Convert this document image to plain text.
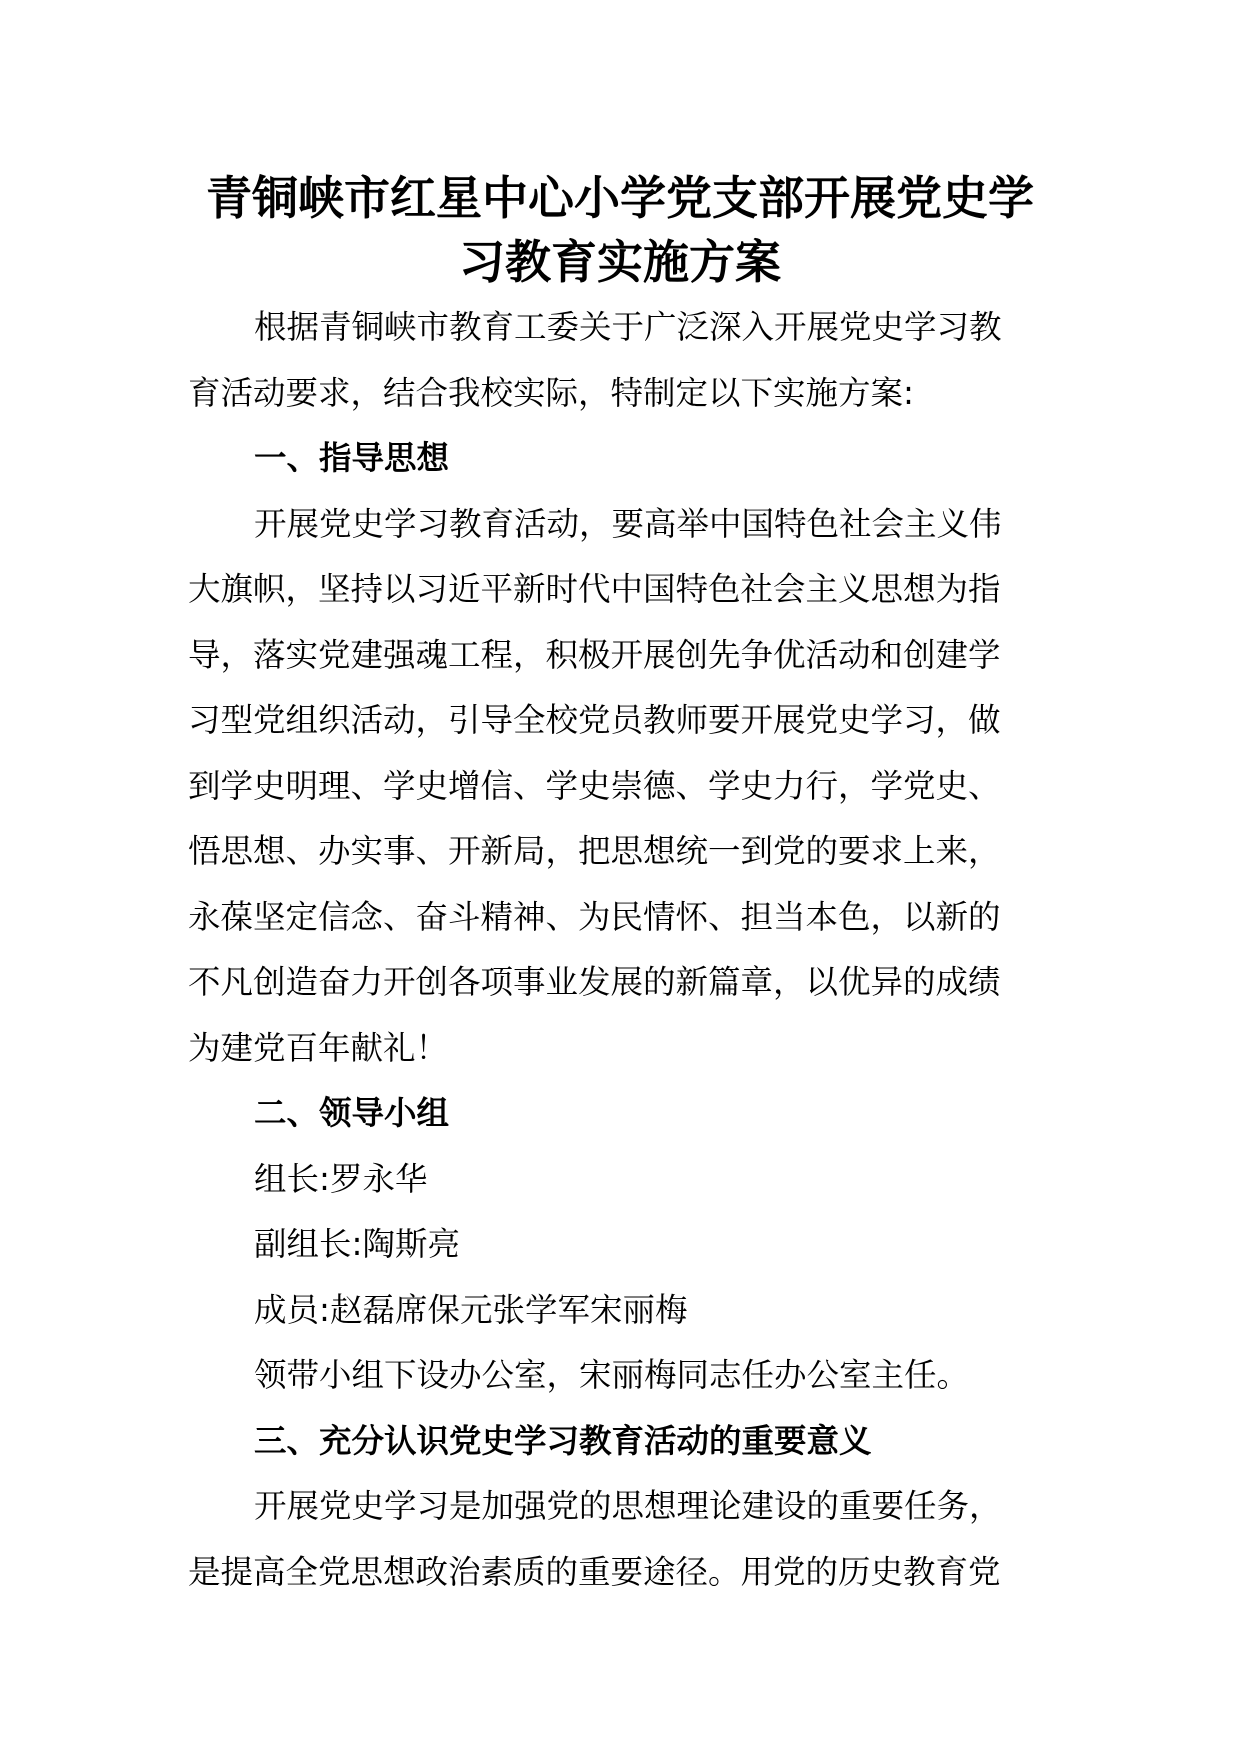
青铜峡市红星中心小学党支部开展党史学
习教育实施方案
根据青铜峡市教育工委关于广泛深入开展党史学习教
育活动要求，结合我校实际，特制定以下实施方案:
一、指导思想
开展党史学习教育活动，要高举中国特色社会主义伟
大旗帜，坚持以习近平新时代中国特色社会主义思想为指
导，落实党建强魂工程，积极开展创先争优活动和创建学
习型党组织活动，引导全校党员教师要开展党史学习，做
到学史明理、学史增信、学史崇德、学史力行，学党史、
悟思想、办实事、开新局，把思想统一到党的要求上来，
永葆坚定信念、奋斗精神、为民情怀、担当本色，以新的
不凡创造奋力开创各项事业发展的新篇章，以优异的成绩
为建党百年献礼！
二、领导小组
组长:罗永华
副组长:陶斯亮
成员:赵磊席保元张学军宋丽梅
领带小组下设办公室，宋丽梅同志任办公室主任。
三、充分认识党史学习教育活动的重要意义
开展党史学习是加强党的思想理论建设的重要任务，
是提高全党思想政治素质的重要途径。用党的历史教育党
